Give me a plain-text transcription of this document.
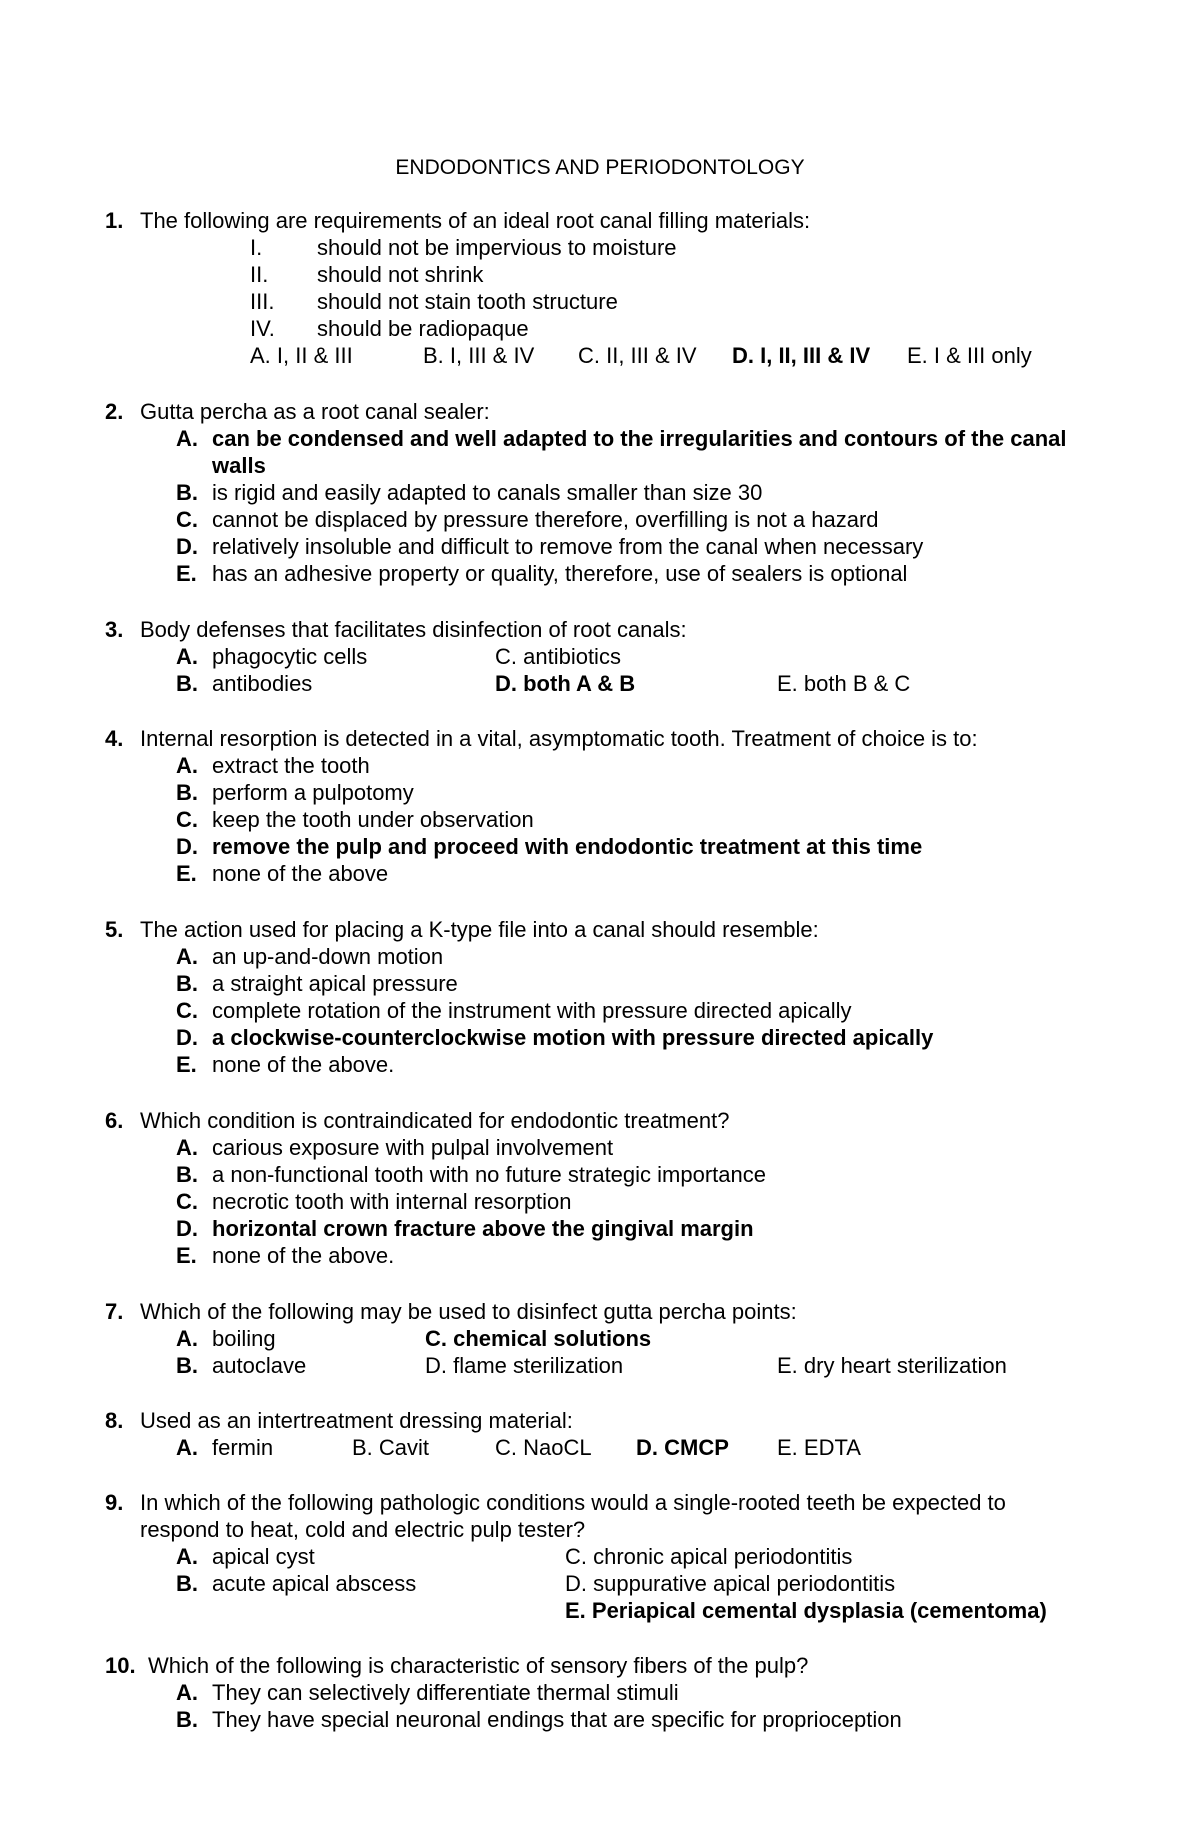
ENDODONTICS AND PERIODONTOLOGY
1. The following are requirements of an ideal root canal filling materials:
I. should not be impervious to moisture
II. should not shrink
III. should not stain tooth structure
IV. should be radiopaque
A. I, II & III	B. I, III & IV C. II, III & IV D. I, II, III & IV E. I & III only
2. Gutta percha as a root canal sealer:
A. can be condensed and well adapted to the irregularities and contours of the canal
walls
B. is rigid and easily adapted to canals smaller than size 30
C. cannot be displaced by pressure therefore, overfilling is not a hazard
D. relatively insoluble and difficult to remove from the canal when necessary
E. has an adhesive property or quality, therefore, use of sealers is optional
3. Body defenses that facilitates disinfection of root canals:
A. phagocytic cells	C. antibiotics
B. antibodies	D. both A & B	E. both B & C
4. Internal resorption is detected in a vital, asymptomatic tooth. Treatment of choice is to:
A. extract the tooth
B. perform a pulpotomy
C. keep the tooth under observation
D. remove the pulp and proceed with endodontic treatment at this time
E. none of the above
5. The action used for placing a K-type file into a canal should resemble:
A. an up-and-down motion
B. a straight apical pressure
C. complete rotation of the instrument with pressure directed apically
D. a clockwise-counterclockwise motion with pressure directed apically
E. none of the above.
6. Which condition is contraindicated for endodontic treatment?
A. carious exposure with pulpal involvement
B. a non-functional tooth with no future strategic importance
C. necrotic tooth with internal resorption
D. horizontal crown fracture above the gingival margin
E. none of the above.
7. Which of the following may be used to disinfect gutta percha points:
A. boiling	C. chemical solutions
B. autoclave	D. flame sterilization	E. dry heart sterilization
8. Used as an intertreatment dressing material:
A. fermin	B. Cavit	C. NaoCL D. CMCP E. EDTA
9. In which of the following pathologic conditions would a single-rooted teeth be expected to
respond to heat, cold and electric pulp tester?
A. apical cyst	C. chronic apical periodontitis
B. acute apical abscess	D. suppurative apical periodontitis
E. Periapical cemental dysplasia (cementoma)
10. Which of the following is characteristic of sensory fibers of the pulp?
A. They can selectively differentiate thermal stimuli
B. They have special neuronal endings that are specific for proprioception
